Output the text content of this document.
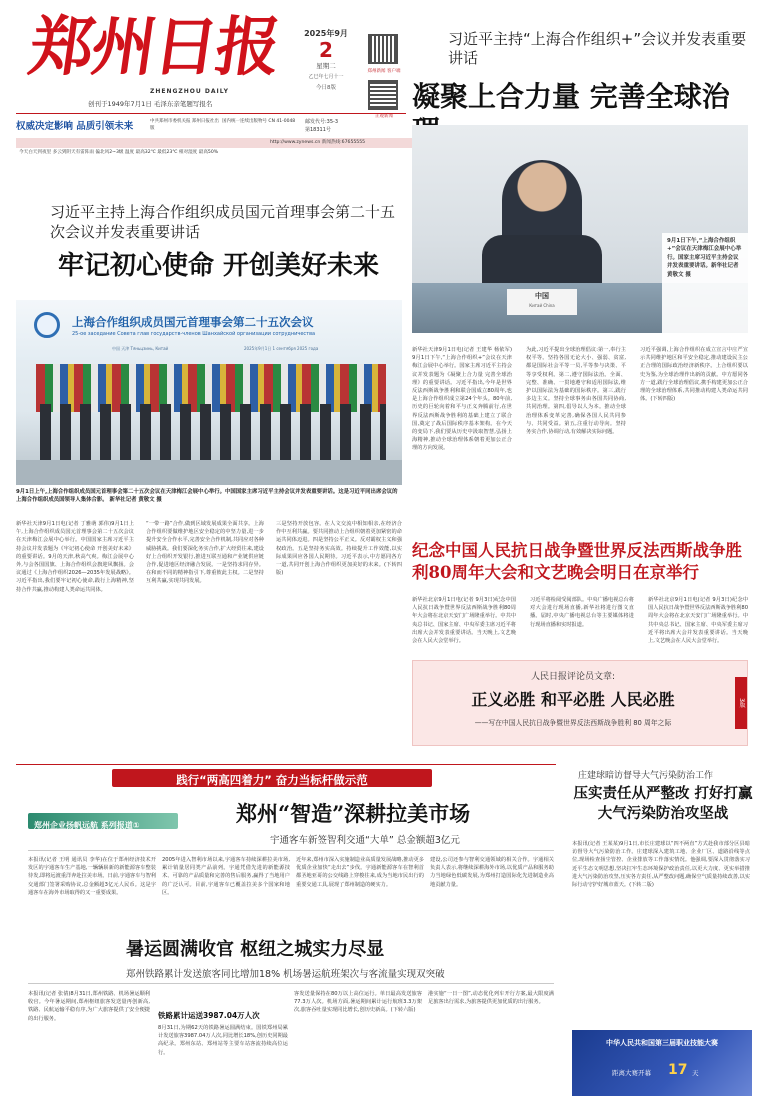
郑州日报
ZHENGZHOU DAILY
创刊于1949年7月1日 毛泽东亲笔题写报名
2025年9月
2
星期二
乙巳年七月十一
今日8版
郑州新闻 客户端
正观新闻
权威决定影响 品质引领未来	中共郑州市委机关报 郑州日报社出版
国内统一连续出版物号 CN 41-0048	邮发代号:35-3
第18311号
今天白天到夜里 多云到阴天有雷阵雨 偏北风2~3级 温度 最高32℃ 最低23℃ 相对湿度 最高50%
http://www.zynews.cn 新闻热线:67655555
习近平主持“上海合作组织+”会议并发表重要讲话
凝聚上合力量 完善全球治
中国
Китай China
9月1日下午,“上海合作组织+”会议在天津梅江会展中心举行。国家主席习近平主持会议并发表重要讲话。新华社记者 黄敬文 摄
新华社天津9月1日电(记者 王建华 杨依军)9月1日下午,“上海合作组织+”会议在天津梅江会展中心举行。国家主席习近平主持会议并发表题为《凝聚上合力量 完善全球治理》的重要讲话。习近平指出,今年是世界反法西斯战争胜利和联合国成立80周年,也是上海合作组织成立第24个年头。80年前,历史的巨轮向着和平与正义奔腾前行,在世界反法西斯战争胜利的基础上建立了联合国,奠定了战后国际秩序基本架构。在今天的变局下,我们要从历史中汲取智慧,弘扬上海精神,推动全球治理体系朝着更加公正合理的方向发展。
为此,习近平提出全球治理倡议:第一,奉行主权平等。坚持各国无论大小、强弱、贫富,都是国际社会平等一员,平等参与决策、平等享受权利。第二,遵守国际法治。全面、完整、准确、一贯地遵守和适用国际法,维护以国际法为基础的国际秩序。第三,践行多边主义。坚持全球事务由各国共同协商,共同治理。第四,倡导以人为本。推动全球治理体系变革完善,确保各国人民共同参与、共同受益。第五,注重行动导向。坚持务实合作,协调行动,有效解决实际问题。
习近平强调,上海合作组织在成立宣言中庄严宣示共同维护地区和平安全稳定,推动建设民主公正合理的国际政治经济新秩序。上合组织要以史为鉴,为全球治理作出新的贡献。中方愿同各方一道,践行全球治理倡议,携手构建更加公正合理的全球治理体系,共同推动构建人类命运共同体。(下转四版)
习近平主持上海合作组织成员国元首理事会第二十五次会议并发表重要讲话
牢记初心使命 开创美好未来
上海合作组织成员国元首理事会第二十五次会议
25-ое заседание Совета глав государств-членов Шанхайской организации сотрудничества
中国 天津 Тяньцзинь, Китай	2025年9月1日 1 сентября 2025 года
9月1日上午,上海合作组织成员国元首理事会第二十五次会议在天津梅江会展中心举行。中国国家主席习近平主持会议并发表重要讲话。这是习近平同出席会议的上海合作组织成员国领导人集体合影。 新华社记者 黄敬文 摄
新华社天津9月1日电(记者 丁雅萌 郭伟)9月1日上午,上海合作组织成员国元首理事会第二十五次会议在天津梅江会展中心举行。中国国家主席习近平主持会议并发表题为《牢记初心使命 开创美好未来》的重要讲话。9月的天津,秋高气爽。梅江会展中心外,与会各国国旗、上海合作组织会旗迎风飘扬。会议通过《上海合作组织2026—2035年发展战略》。习近平指出,我们要牢记初心使命,践行上海精神,坚持合作共赢,推动构建人类命运共同体。
“一带一路”合作,做到区域发展成果全面共享。上海合作组织要做维护地区安全稳定的中坚力量,进一步提升安全合作水平,完善安全合作机制,共同应对各种威胁挑战。我们要深化务实合作,扩大经贸往来,建设好上合组织开发银行,推进互联互通和产业链供应链合作,促进地区经济融合发展。一是坚持求同存异。在和而不同的精神指引下,尊重彼此主权。二是坚持互利共赢,实现共同发展。
三是坚持开放包容。在人文交流中相知相亲,在经济合作中互利共赢。要共同推动上合组织朝着更加紧密的命运共同体迈进。四是坚持公平正义。反对霸权主义和强权政治。五是坚持务实高效。持续提升工作效能,以实际成果回应各国人民期待。习近平表示,中方愿同各方一道,共同开创上海合作组织更加美好的未来。(下转四版)
纪念中国人民抗日战争暨世界反法西斯战争胜利80周年大会和文艺晚会明日在京举行
新华社北京9月1日电(记者 9月3日)纪念中国人民抗日战争暨世界反法西斯战争胜利80周年大会将在北京天安门广场隆重举行。中共中央总书记、国家主席、中央军委主席习近平将出席大会并发表重要讲话。当天晚上,文艺晚会在人民大会堂举行。
习近平将检阅受阅部队。中央广播电视总台将对大会进行现场直播,新华社将进行图文直播。届时,中央广播电视总台等主要媒体将进行现场直播和实时报道。
新华社北京9月1日电(记者 9月3日)纪念中国人民抗日战争暨世界反法西斯战争胜利80周年大会将在北京天安门广场隆重举行。中共中央总书记、国家主席、中央军委主席习近平将出席大会并发表重要讲话。当天晚上,文艺晚会在人民大会堂举行。
人民日报评论员文章:
正义必胜 和平必胜 人民必胜
——写在中国人民抗日战争暨世界反法西斯战争胜利 80 周年之际
3版
践行“两高四着力” 奋力当标杆做示范
郑州企业扬帆远航 系列报道①	郑州“智造”深耕拉美市场
宇通客车新签智利交通“大单” 总金额超3亿元
本报讯(记者 王明 通讯员 李华)在位于郑州经济技术开发区的宇通客车生产基地,一辆辆崭新的新能源客车整装待发,即将远渡重洋奔赴拉美市场。日前,宇通客车与智利交通部门签署采购协议,总金额超3亿元人民币。这是宇通客车在海外市场取得的又一重要成果。
2005年进入智利市场以来,宇通客车持续深耕拉美市场,累计销量居同类产品前列。宇通凭借先进的新能源技术、可靠的产品质量和完善的售后服务,赢得了当地用户的广泛认可。目前,宇通客车已覆盖拉美多个国家和地区。
近年来,郑州市深入实施制造业高质量发展战略,推动更多优质企业加快“走出去”步伐。宇通新能源客车在智利首都圣地亚哥的公交线路上穿梭往来,成为当地市民出行的重要交通工具,展现了郑州制造的硬实力。
建设,公司还参与智利交通领域的相关合作。宇通相关负责人表示,将继续深耕海外市场,以优质产品和服务助力当地绿色低碳发展,为郑州打造国际化先进制造业高地贡献力量。
暑运圆满收官 枢纽之城实力尽显
郑州铁路累计发送旅客同比增加18% 机场暑运航班架次与客流量实现双突破
本报讯(记者 张倩)8月31日,郑州铁路、机场暑运顺利收官。今年暑运期间,郑州枢纽旅客发送量再创新高,铁路、民航运输平稳有序,为广大旅客提供了安全便捷的出行服务。	铁路累计运送3987.04万人次
8月31日,为期62天的铁路暑运圆满结束。国铁郑州局累计发送旅客3987.04万人次,同比增长18%,创历史同期最高纪录。郑州东站、郑州站等主要车站客流持续高位运行。
客发送量保持在80万以上高位运行。单日最高发送旅客77.3万人次。机场方面,暑运期间累计运行航班3.3万架次,旅客吞吐量实现同比增长,创历史新高。(下转六版)
港实施“一日一图”,动态优化列车开行方案,最大限度满足旅客出行需求,为旅客提供更加优质的出行服务。
庄建球暗访督导大气污染防治工作
压实责任从严整改 打好打赢大气污染防治攻坚战
本报讯(记者 王某某)9月1日,市长庄建球以“四不两直”方式赴我市部分区县暗访督导大气污染防治工作。庄建球深入建筑工地、企业厂区、道路沿线等点位,现场检查扬尘管控、企业排放等工作落实情况。他强调,要深入贯彻落实习近平生态文明思想,坚决扛牢生态环境保护政治责任,以更大力度、更实举措推进大气污染防治攻坚,压实各方责任,从严整改问题,确保空气质量持续改善,以实际行动守护好城市蓝天。(下转二版)
中华人民共和国第三届职业技能大赛
距离大赛开幕 17 天
